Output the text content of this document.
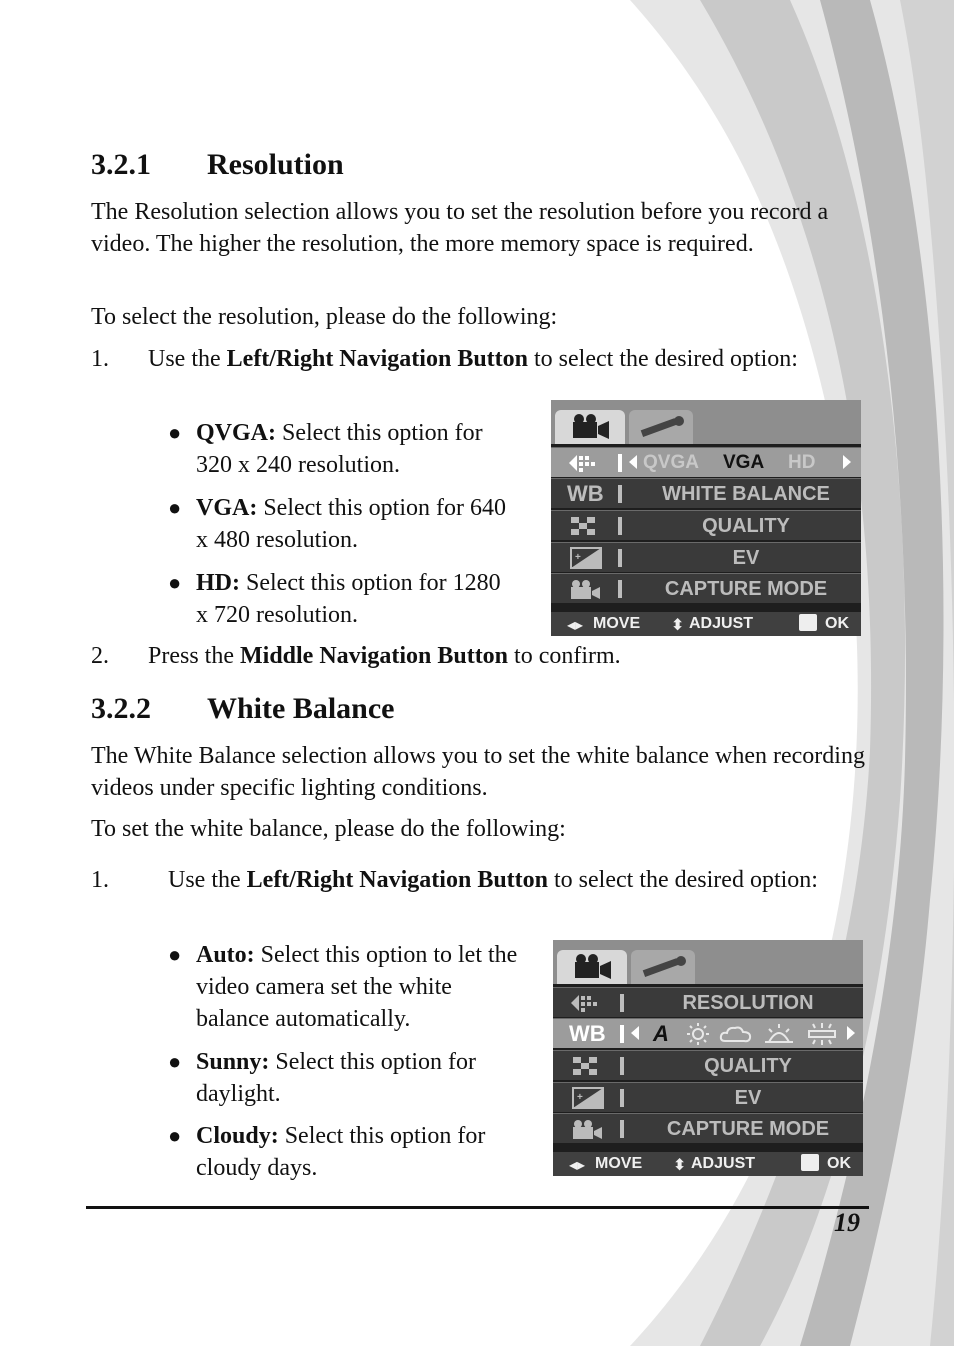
3.2.1 Resolution

The Resolution selection allows you to set the resolution before you record a video. The higher the resolution, the more memory space is required.

To select the resolution, please do the following:

1. Use the Left/Right Navigation Button to select the desired option:
● QVGA: Select this option for 320 x 240 resolution.
● VGA: Select this option for 640 x 480 resolution.
● HD: Select this option for 1280 x 720 resolution.
QVGA VGA HD
WB	WHITE BALANCE
QUALITY
+	EV
CAPTURE MODE
◂▸ MOVE ⬍ ADJUST	OK
2. Press the Middle Navigation Button to confirm.
3.2.2 White Balance

The White Balance selection allows you to set the white balance when recording videos under specific lighting conditions.

To set the white balance, please do the following:

1. Use the Left/Right Navigation Button to select the desired option:
● Auto: Select this option to let the video camera set the white balance automatically.
● Sunny: Select this option for daylight.
● Cloudy: Select this option for cloudy days.
RESOLUTION
WB A
QUALITY
+	EV
CAPTURE MODE
◂▸ MOVE ⬍ ADJUST	OK
19
